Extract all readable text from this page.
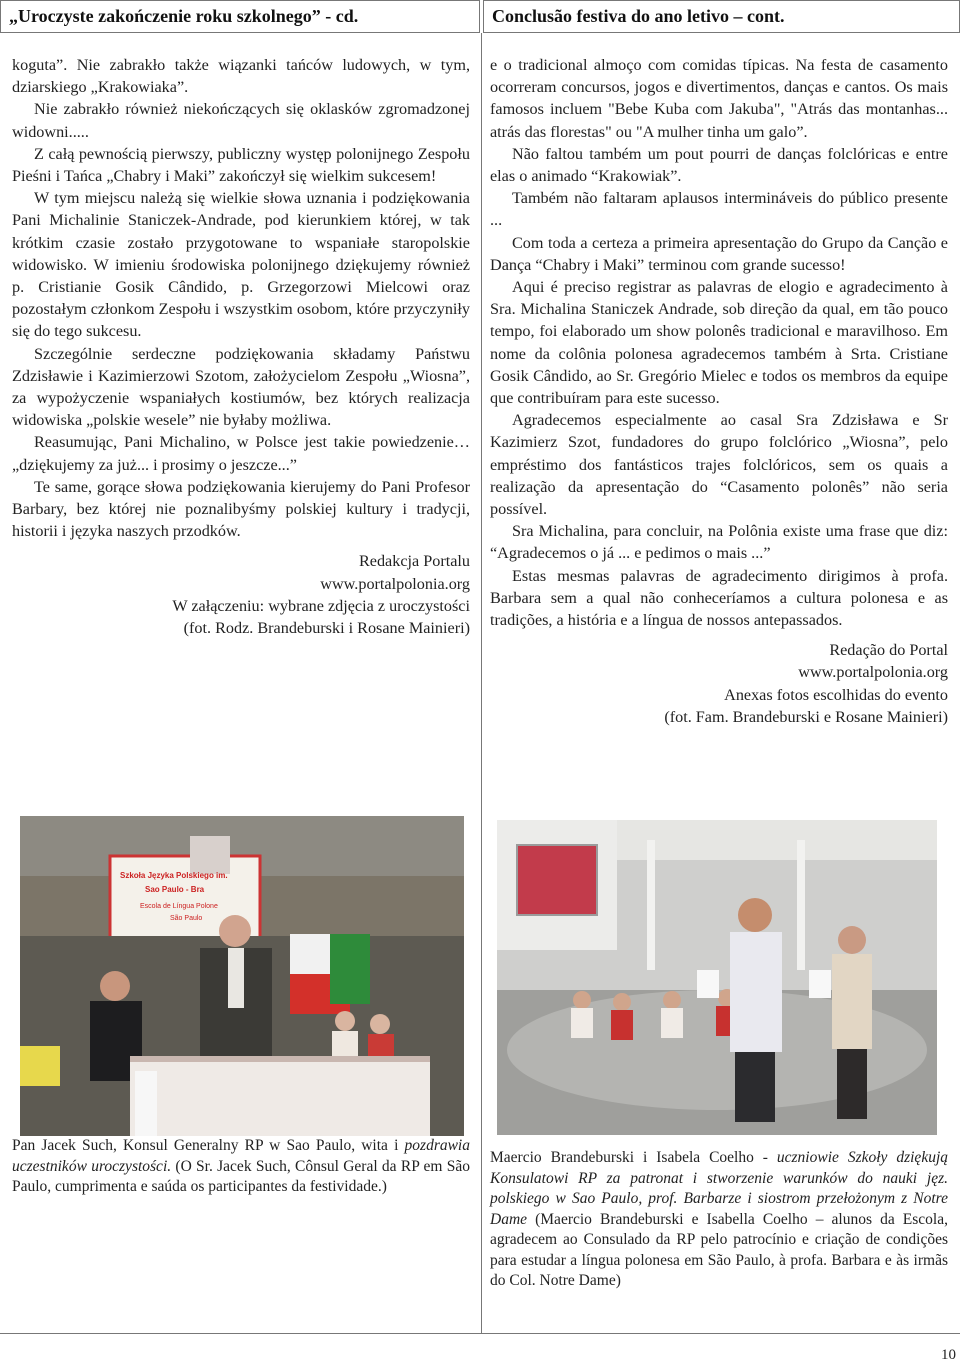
„Uroczyste zakończenie roku szkolnego” - cd.	Conclusão festiva do ano letivo – cont.

koguta”. Nie zabrakło także wiązanki tańców ludowych, w tym, dziarskiego „Krakowiaka”.

Nie zabrakło również niekończących się oklasków zgromadzonej widowni.....

Z całą pewnością pierwszy, publiczny występ polonijnego Zespołu Pieśni i Tańca „Chabry i Maki” zakończył się wielkim sukcesem!

W tym miejscu należą się wielkie słowa uznania i podziękowania Pani Michalinie Staniczek-Andrade, pod kierunkiem której, w tak krótkim czasie zostało przygotowane to wspaniałe staropolskie widowisko. W imieniu środowiska polonijnego dziękujemy również p. Cristianie Gosik Cândido, p. Grzegorzowi Mielcowi oraz pozostałym członkom Zespołu i wszystkim osobom, które przyczyniły się do tego sukcesu.

Szczególnie serdeczne podziękowania składamy Państwu Zdzisławie i Kazimierzowi Szotom, założycielom Zespołu „Wiosna”, za wypożyczenie wspaniałych kostiumów, bez których realizacja widowiska „polskie wesele” nie byłaby możliwa.

Reasumując, Pani Michalino, w Polsce jest takie powiedzenie… „dziękujemy za już... i prosimy o jeszcze...”

Te same, gorące słowa podziękowania kierujemy do Pani Profesor Barbary, bez której nie poznalibyśmy polskiej kultury i tradycji, historii i języka naszych przodków.

Redakcja Portalu

www.portalpolonia.org

W załączeniu: wybrane zdjęcia z uroczystości

(fot. Rodz. Brandeburski i Rosane Mainieri)

e o tradicional almoço com comidas típicas. Na festa de casamento ocorreram concursos, jogos e divertimentos, danças e cantos. Os mais famosos incluem "Bebe Kuba com Jakuba", "Atrás das montanhas... atrás das florestas" ou "A mulher tinha um galo”.

Não faltou também um pout pourri de danças folclóricas e entre elas o animado “Krakowiak”.

Também não faltaram aplausos intermináveis do público presente ...

Com toda a certeza a primeira apresentação do Grupo da Canção e Dança “Chabry i Maki” terminou com grande sucesso!

Aqui é preciso registrar as palavras de elogio e agradecimento à Sra. Michalina Staniczek Andrade, sob direção da qual, em tão pouco tempo, foi elaborado um show polonês tradicional e maravilhoso. Em nome da colônia polonesa agradecemos também à Srta. Cristiane Gosik Cândido, ao Sr. Gregório Mielec e todos os membros da equipe que contribuíram para este sucesso.

Agradecemos especialmente ao casal Sra Zdzisława e Sr Kazimierz Szot, fundadores do grupo folclórico „Wiosna”, pelo empréstimo dos fantásticos trajes folclóricos, sem os quais a realização da apresentação do “Casamento polonês” não seria possível.

Sra Michalina, para concluir, na Polônia existe uma frase que diz: “Agradecemos o já ... e pedimos o mais ...”

Estas mesmas palavras de agradecimento dirigimos à profa. Barbara sem a qual não conheceríamos a cultura polonesa e as tradições, a história e a língua de nossos antepassados.

Redação do Portal

www.portalpolonia.org

Anexas fotos escolhidas do evento

(fot. Fam. Brandeburski e Rosane Mainieri)

Szkoła Języka Polskiego im.
Sao Paulo - Bra
Escola de Língua Polone
São Paulo
Pan Jacek Such, Konsul Generalny RP w Sao Paulo, wita i pozdrawia uczestników uroczystości. (O Sr. Jacek Such, Cônsul Geral da RP em São Paulo, cumprimenta e saúda os participantes da festividade.)
Maercio Brandeburski i Isabela Coelho - uczniowie Szkoły dziękują Konsulatowi RP za patronat i stworzenie warunków do nauki jęz. polskiego w Sao Paulo, prof. Barbarze i siostrom przełożonym z Notre Dame (Maercio Brandeburski e Isabella Coelho – alunos da Escola, agradecem ao Consulado da RP pelo patrocínio e criação de condições para estudar a língua polonesa em São Paulo, à profa. Barbara e às irmãs do Col. Notre Dame)
10
